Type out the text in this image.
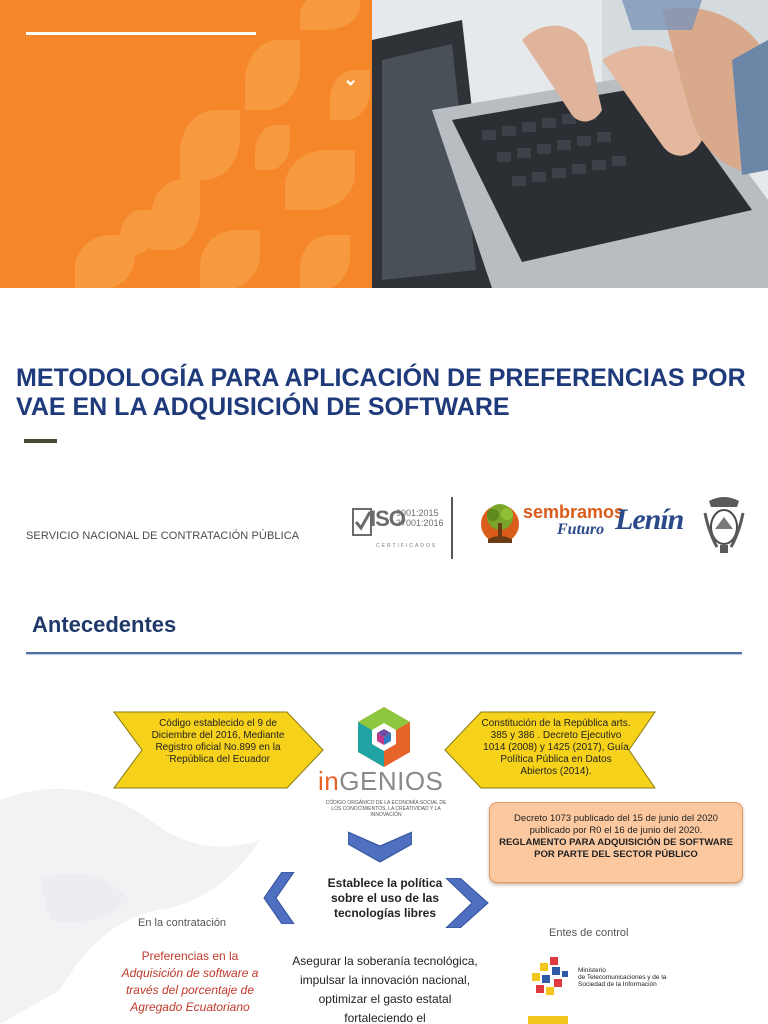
⌄
METODOLOGÍA PARA APLICACIÓN DE PREFERENCIAS POR VAE EN LA ADQUISICIÓN DE SOFTWARE
SERVICIO NACIONAL DE CONTRATACIÓN PÚBLICA
ISO
9001:2015
37001:2016
CERTIFICADOS
sembramos
Futuro Lenín
Antecedentes
Código establecido el 9 de Diciembre del 2016, Mediante Registro oficial No.899 en la ¨República del Ecuador
Constitución de la República arts. 385 y 386 . Decreto Ejecutivo 1014 (2008) y 1425 (2017), Guía Política Pública en Datos Abiertos (2014).
inGENIOS
CÓDIGO ORGÁNICO DE LA ECONOMÍA SOCIAL DE LOS CONOCIMIENTOS, LA CREATIVIDAD Y LA INNOVACIÓN	Decreto 1073 publicado del 15 de junio del 2020 publicado por R0 el 16 de junio del 2020.
REGLAMENTO PARA ADQUISICIÓN DE SOFTWARE POR PARTE DEL SECTOR PÚBLICO
Establece la política sobre el uso de las tecnologías libres
En la contratación
Preferencias en la Adquisición de software a través del porcentaje de Agregado Ecuatoriano
Asegurar la soberanía tecnológica, impulsar la innovación nacional, optimizar el gasto estatal fortaleciendo el
Entes de control
Ministerio
de Telecomunicaciones y de la
Sociedad de la Información
